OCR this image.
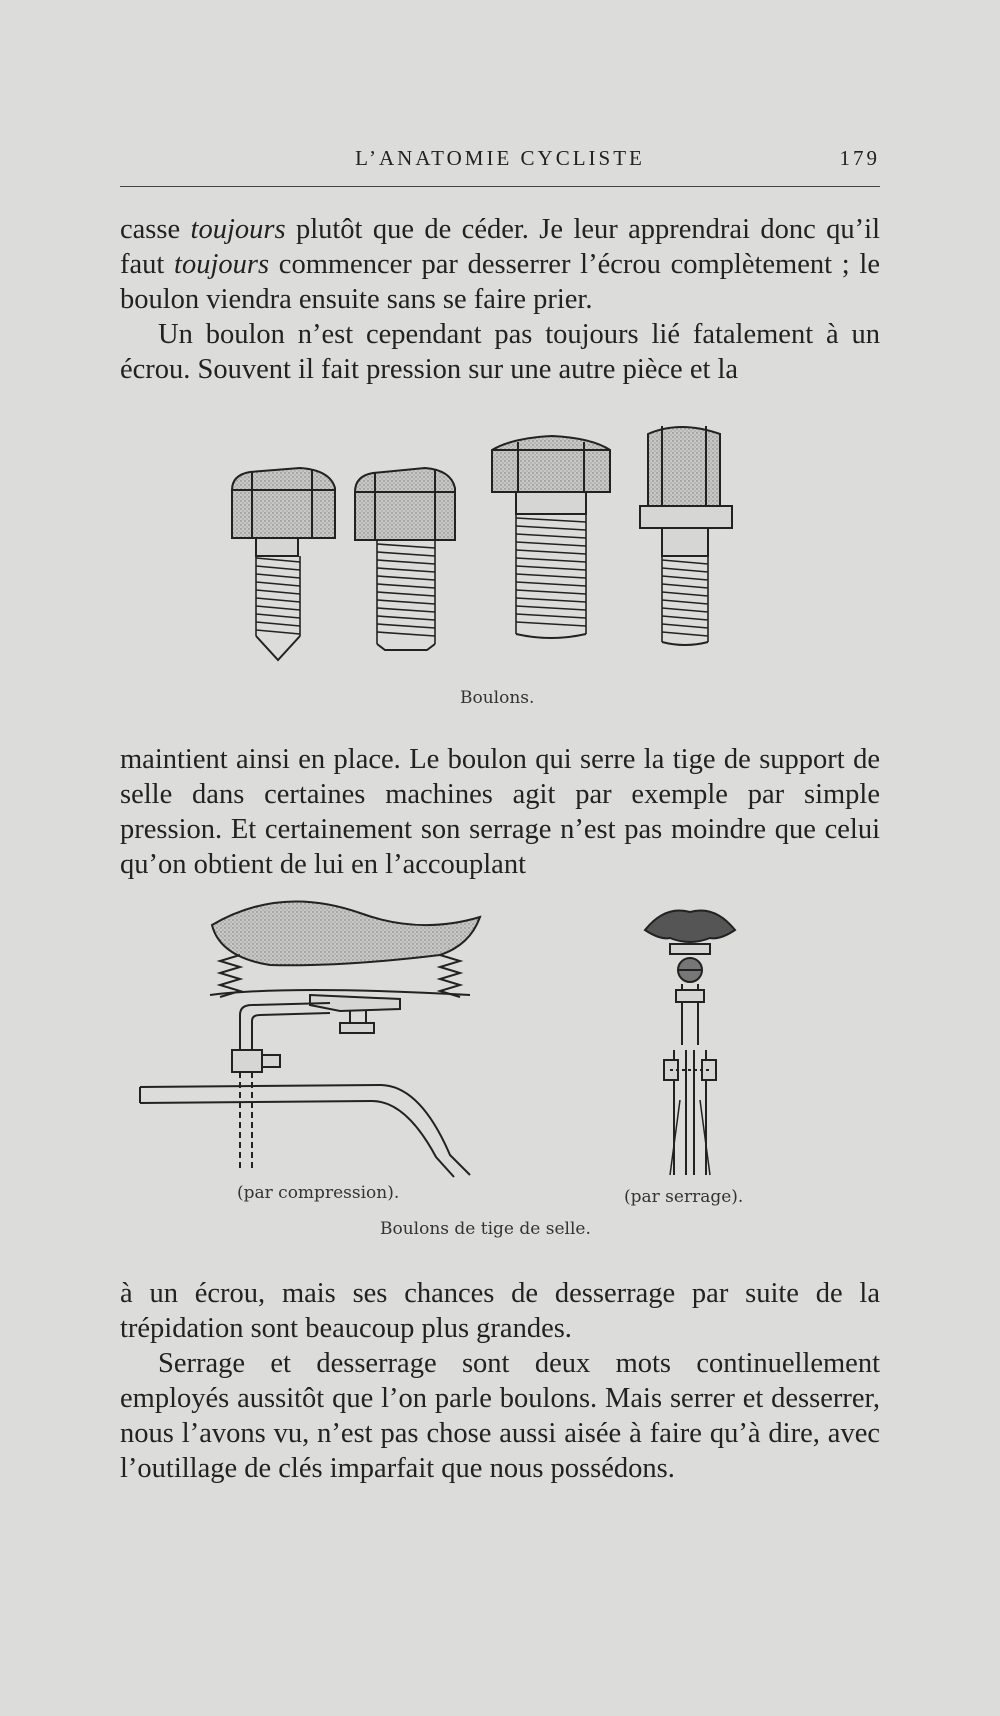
L’ANATOMIE CYCLISTE	179

casse toujours plutôt que de céder. Je leur apprendrai donc qu’il faut toujours commencer par desserrer l’écrou complètement ; le boulon viendra ensuite sans se faire prier.

Un boulon n’est cependant pas toujours lié fatalement à un écrou. Souvent il fait pression sur une autre pièce et la

Boulons.

maintient ainsi en place. Le boulon qui serre la tige de support de selle dans certaines machines agit par exemple par simple pression. Et certainement son serrage n’est pas moindre que celui qu’on obtient de lui en l’accouplant

(par compression).	(par serrage).
Boulons de tige de selle.

à un écrou, mais ses chances de desserrage par suite de la trépidation sont beaucoup plus grandes.

Serrage et desserrage sont deux mots continuellement employés aussitôt que l’on parle boulons. Mais serrer et desserrer, nous l’avons vu, n’est pas chose aussi aisée à faire qu’à dire, avec l’outillage de clés imparfait que nous possédons.
